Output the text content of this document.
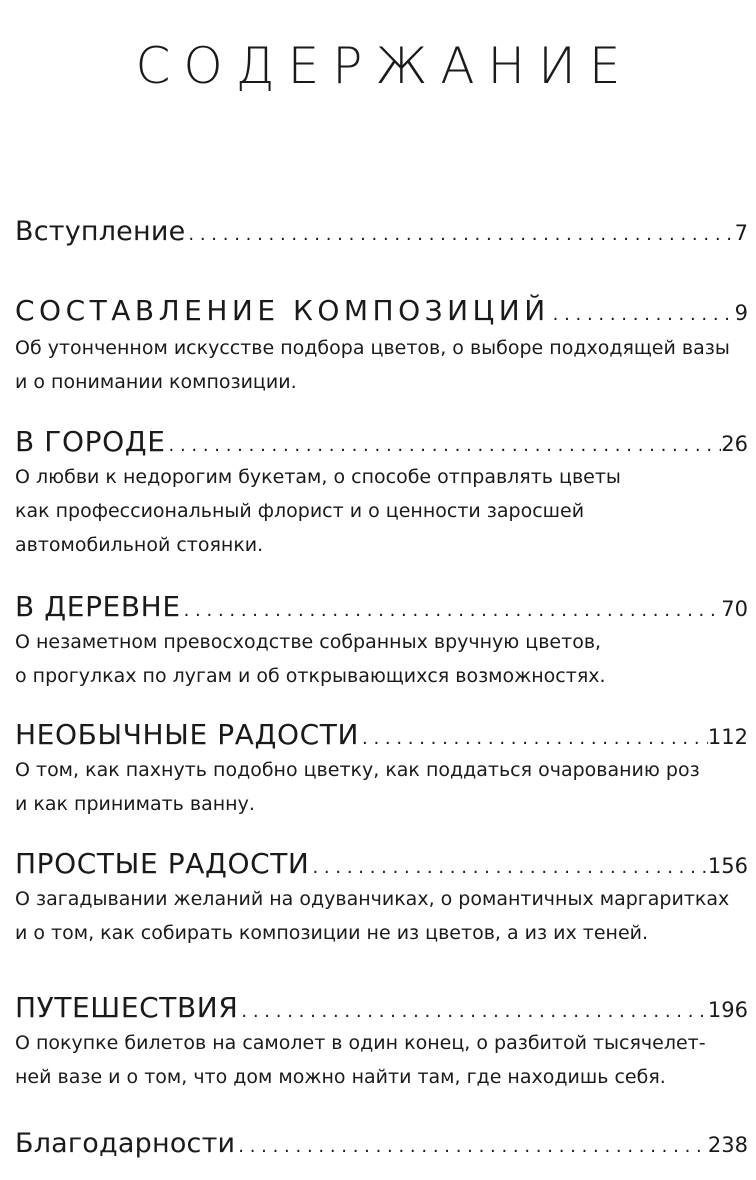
СОДЕРЖАНИЕ
Вступление . . .	7
СОСТАВЛЕНИЕ КОМПОЗИЦИЙ . . .	9
Об утонченном искусстве подбора цветов, о выборе подходящей вазы
и о понимании композиции.
В ГОРОДЕ . . .	26
О любви к недорогим букетам, о способе отправлять цветы
как профессиональный флорист и о ценности заросшей
автомобильной стоянки.
В ДЕРЕВНЕ . . .	70
О незаметном превосходстве собранных вручную цветов,
о прогулках по лугам и об открывающихся возможностях.
НЕОБЫЧНЫЕ РАДОСТИ . . .	112
О том, как пахнуть подобно цветку, как поддаться очарованию роз
и как принимать ванну.
ПРОСТЫЕ РАДОСТИ . . .	156
О загадывании желаний на одуванчиках, о романтичных маргаритках
и о том, как собирать композиции не из цветов, а из их теней.
ПУТЕШЕСТВИЯ . . .	196
О покупке билетов на самолет в один конец, о разбитой тысячелет-
ней вазе и о том, что дом можно найти там, где находишь себя.
Благодарности . . .	238
